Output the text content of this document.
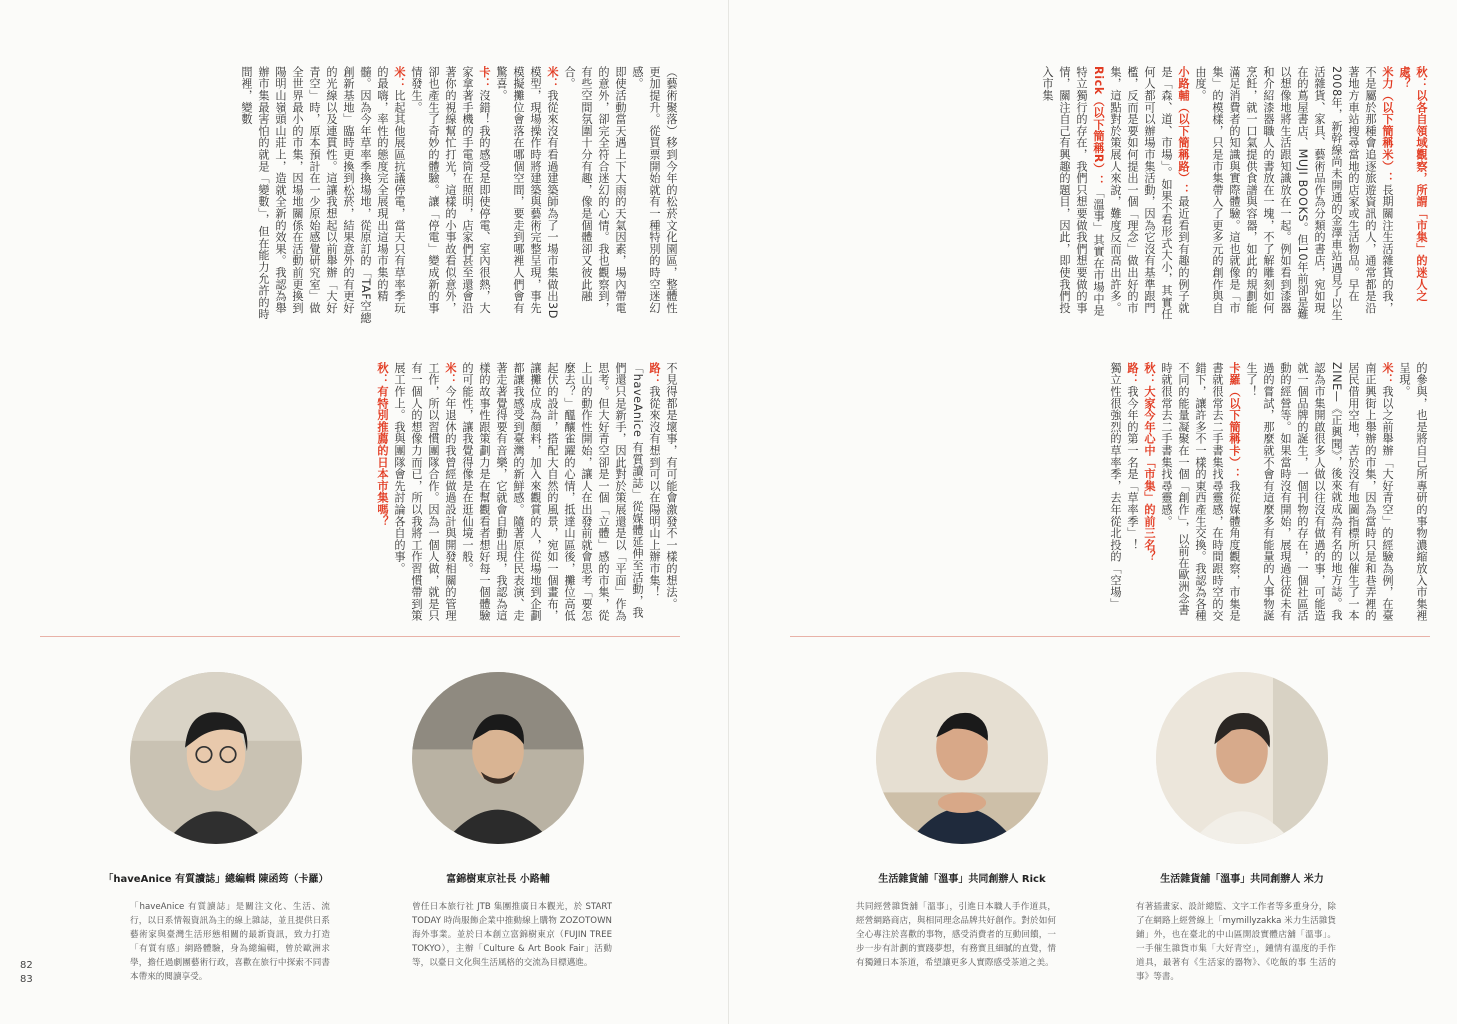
（藝術聚落）移到今年的松菸文化園區，整體性更加提升。從買票開始就有一種特別的時空迷幻感。
即使活動當天遇上下大雨的天氣因素，場內帶電的意外，卻完全符合迷幻的心情。我也觀察到，有些空間氛圍十分有趣，像是個體卻又彼此融合。
米：我從來沒有看過建築師為了一場市集做出3D模型，現場操作時將建築與藝術完整呈現，事先模擬攤位會落在哪個空間，要走到哪裡人們會有驚喜。
卡：沒錯！我的感受是即使停電、室內很熱，大家拿著手機的手電筒在照明，店家們甚至還會沿著你的視線幫忙打光，這樣的小事故看似意外，卻也產生了奇妙的體驗。讓「停電」變成新的事情發生。
米：比起其他展區抗議停電，當天只有草率季玩的最嗨，率性的態度完全展現出這場市集的精髓。因為今年草率季換場地，從原訂的「TAF空總創新基地」臨時更換到松菸，結果意外的有更好的光線以及連貫性。這讓我想起以前舉辦「大好青空」時，原本預計在一少原始感覺研究室」做全世界最小的市集，因場地關係在活動前更換到陽明山嶺頭山莊上，造就全新的效果。我認為舉辦市集最害怕的就是「變數」，但在能力允許的時間裡，變數
不見得都是壞事，有可能會激發不一樣的想法。
路：我從來沒有想到可以在陽明山上辦市集！「haveAnice 有質讀誌」從媒體延伸至活動，我們還只是新手，因此對於策展還是以「平面」作為思考。但大好青空卻是一個「立體」感的市集，從上山的動作性開始，讓人在出發前就會思考「要怎麼去？」醞釀雀躍的心情，抵達山區後，攤位高低起伏的設計，搭配大自然的風景，宛如一個畫布，讓攤位成為顏料，加入來觀賞的人，從場地到企劃都讓我感受到臺灣的新鮮感。隨著原住民表演、走著走著覺得要有音樂，它就會自動出現，我認為這樣的故事性跟策劃力是在幫觀看者想好每一個體驗的可能性，讓我覺得像是在逛仙境一般。
米：今年退休的我曾經做過設計與開發相關的管理工作，所以習慣團隊合作。因為一個人做，就是只有一個人的想像力而已，所以我將工作習慣帶到策展工作上。我與團隊會先討論各自的事。
秋：有特別推薦的日本市集嗎？
秋：以各自領域觀察，所謂「市集」的迷人之處？
米力（以下簡稱米）：長期關注生活雜貨的我，不是屬於那種會追逐旅遊資訊的人，通常都是沿著地方車站搜尋當地的店家或生活物品。早在2008年，新幹線尚未開通的金澤車站遇見了以生活雜貨、家具、藝術品作為分類的書店，宛如現在的蔦屋書店、MUJI BOOKS。但10年前卻是難以想像地將生活跟知識放在一起。例如看到漆器和介紹漆器職人的書放在一塊，不了解雕刻如何烹飪，就一口氣提供食譜與容器，如此的規劃能滿足消費者的知識與實際體驗。這也就像是「市集」的模樣，只是市集帶入了更多元的創作與自由度。
小路輔（以下簡稱路）：最近看到有趣的例子就是「森、道、市場」。如果不看形式大小，其實任何人都可以辦場市集活動，因為它沒有基準跟門檻，反而是要如何提出一個「理念」做出好的市集，這點對於策展人來說，難度反而高出許多。
Rick（以下簡稱R）：「溫事」其實在市場中是特立獨行的存在，我們只想要做我們想要做的事情，關注自己有興趣的題目，因此，即使我們投入市集
的參與，也是將自己所專研的事物濃縮放入市集裡呈現。
米：我以之前舉辦「大好青空」的經驗為例，在臺南正興街上舉辦的市集，因為當時只是和巷弄裡的居民借用空地，苦於沒有地圖指標所以催生了一本ZINE—《正興聞》，後來就成為有名的地方誌。我認為市集開啟很多人做以往沒有做過的事，可能造就一個品牌的誕生，一個刊物的存在，一個社區活動的經營等。如果當時沒有開始，展現過往從未有過的嘗試，那麼就不會有這麼多有能量的人事物誕生了！
卡羅（以下簡稱卡）：我從媒體角度觀察，市集是書就很常去二手書集找尋靈感，在時間跟時空的交錯下，讓許多不一樣的東西產生交換。我認為各種不同的能量凝聚在一個「創作」，以前在歐洲念書時就很常去二手書集找尋靈感。
秋：大家今年心中「市集」的前三名？
路：我今年的第一名是「草率季」！
獨立性很強烈的草率季，去年從北投的「空場」
「haveAnice 有質讀誌」總編輯 陳函筠（卡羅）
「haveAnice 有質讀誌」是關注文化、生活、流行，以日系情報資訊為主的線上雜誌，並且提供日系藝術家與臺灣生活形態相關的最新資訊，致力打造「有質有感」網路體驗，身為總編輯，曾於歐洲求學，擔任過劇團藝術行政，喜歡在旅行中探索不同書本帶來的閱讀享受。
富錦樹東京社長 小路輔
曾任日本旅行社 JTB 集團推廣日本觀光，於 START TODAY 時尚服飾企業中推動線上購物 ZOZOTOWN 海外事業。並於日本創立富錦樹東京（FUJIN TREE TOKYO），主辦「Culture & Art Book Fair」活動等，以臺日文化與生活風格的交流為目標邁進。
生活雜貨舖「溫事」共同創辦人 Rick
共同經營雜貨舖「溫事」，引進日本職人手作道具，經營網路商店，與相同理念品牌共好創作。對於如何全心專注於喜歡的事物，感受消費者的互動回饋，一步一步有計劃的實踐夢想，有務實且細膩的直覺，情有獨鍾日本茶道，希望讓更多人實際感受茶道之美。
生活雜貨舖「溫事」共同創辦人 米力
有著插畫家、設計總監、文字工作者等多重身分，除了在網路上經營線上「mymillyzakka 米力生活雜貨鋪」外，也在臺北的中山區開設實體店舖「溫事」。一手催生雜貨市集「大好青空」，鍾情有溫度的手作道具，最著有《生活家的器物》、《吃飯的事 生活的事》等書。
82
83
